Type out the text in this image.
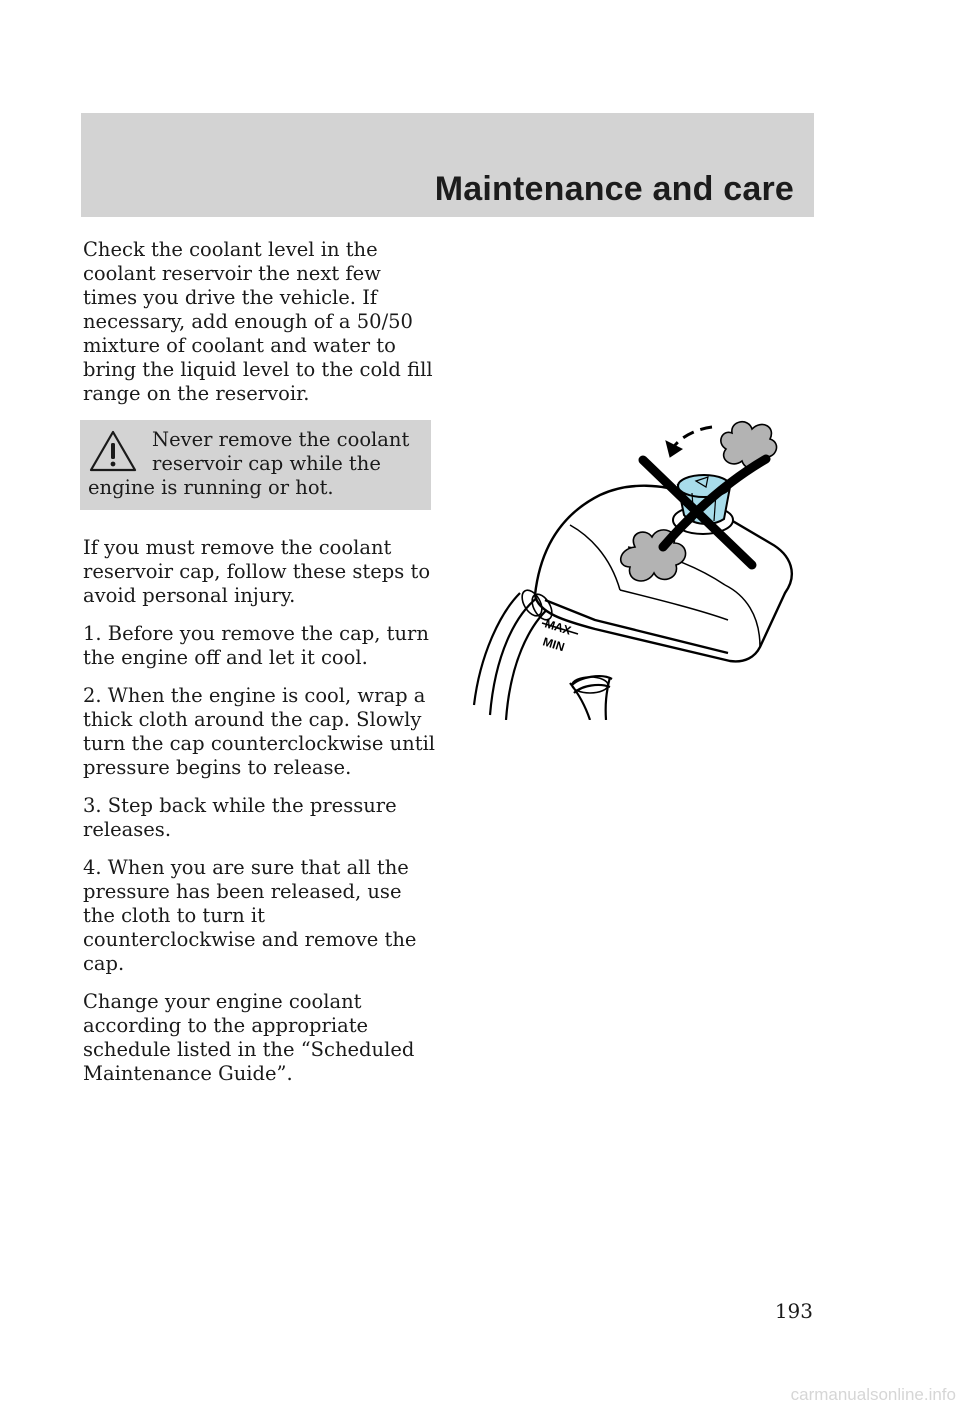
Maintenance and care

Check the coolant level in the coolant reservoir the next few times you drive the vehicle. If necessary, add enough of a 50/50 mixture of coolant and water to bring the liquid level to the cold fill range on the reservoir.

Never remove the coolant reservoir cap while the engine is running or hot.

If you must remove the coolant reservoir cap, follow these steps to avoid personal injury.

1. Before you remove the cap, turn the engine off and let it cool.

2. When the engine is cool, wrap a thick cloth around the cap. Slowly turn the cap counterclockwise until pressure begins to release.

3. Step back while the pressure releases.

4. When you are sure that all the pressure has been released, use the cloth to turn it counterclockwise and remove the cap.

Change your engine coolant according to the appropriate schedule listed in the “Scheduled Maintenance Guide”.

MAX
MIN
193
carmanualsonline.info
